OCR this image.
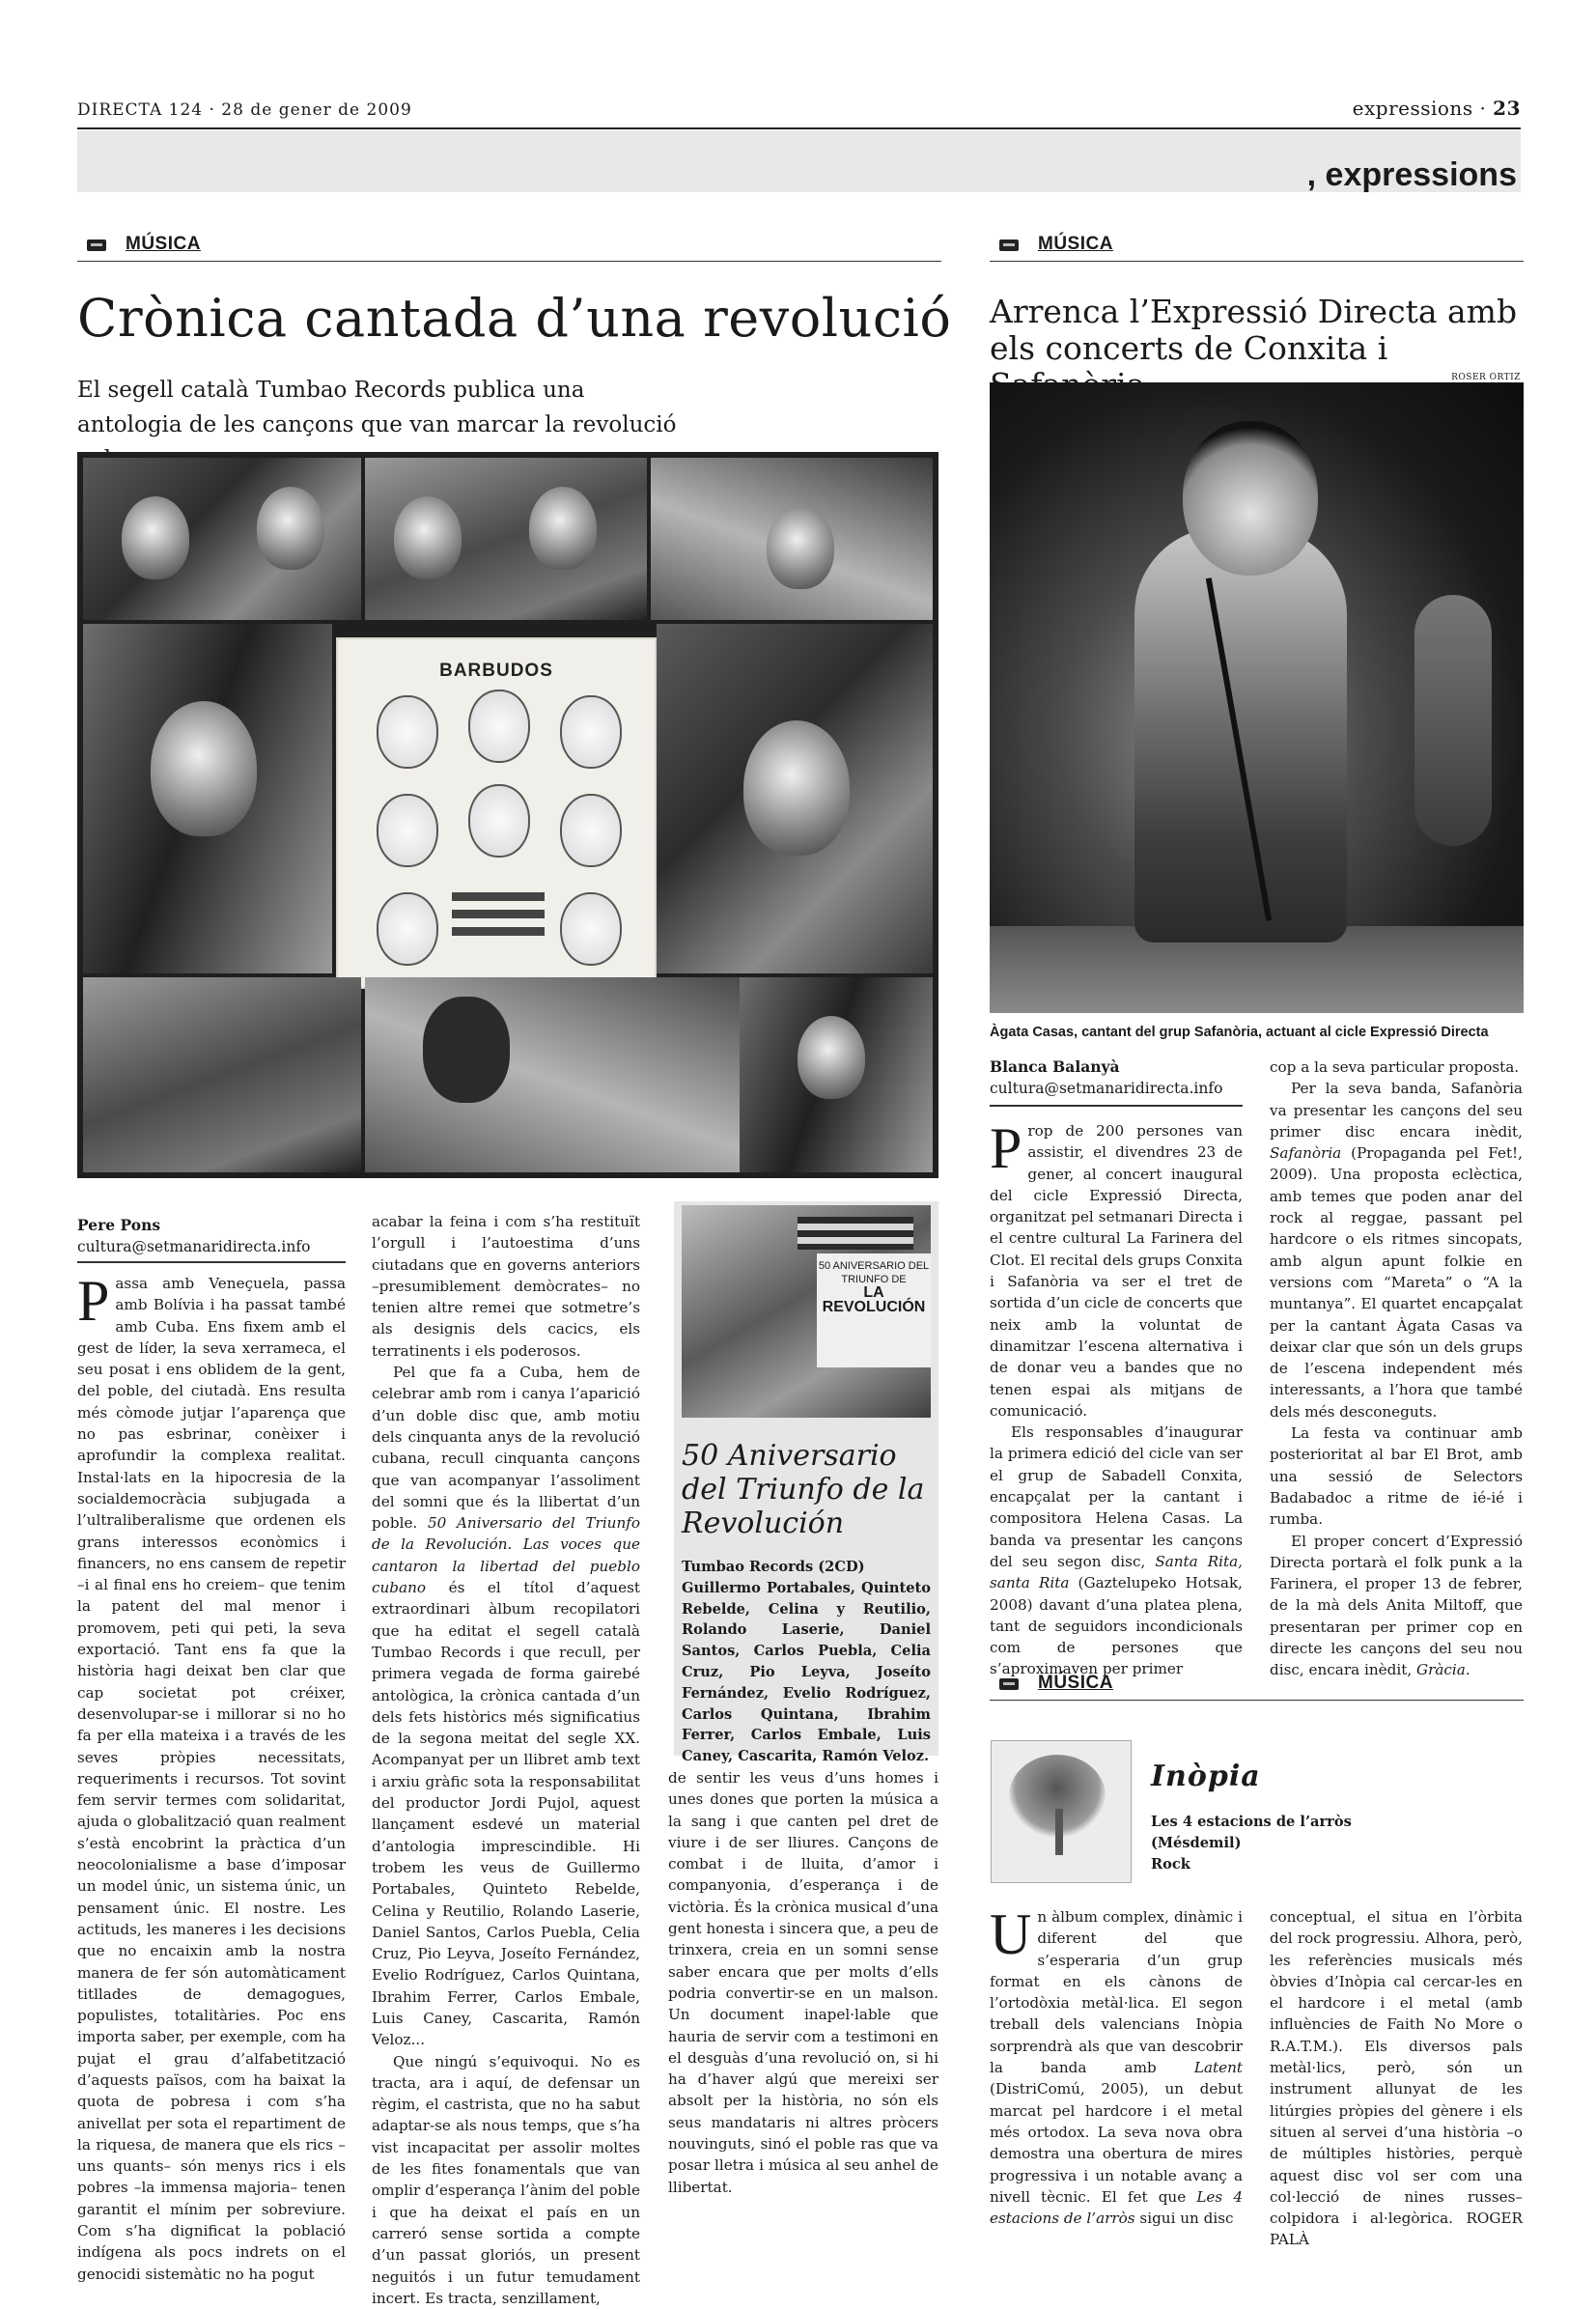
DIRECTA 124 · 28 de gener de 2009	expressions · 23
, expressions
MÚSICA
Crònica cantada d’una revolució
El segell català Tumbao Records publica una antologia de les cançons que van marcar la revolució
BARBUDOS
Pere Pons
cultura@setmanaridirecta.info
Passa amb Veneçuela, passa amb Bolívia i ha passat també amb Cuba. Ens fixem amb el gest de líder, la seva xerrameca, el seu posat i ens oblidem de la gent, del poble, del ciutadà. Ens resulta més còmode jutjar l’aparença que no pas esbrinar, conèixer i aprofundir la complexa realitat. Instal·lats en la hipocresia de la socialdemocràcia subjugada a l’ultraliberalisme que ordenen els grans interessos econòmics i financers, no ens cansem de repetir –i al final ens ho creiem– que tenim la patent del mal menor i promovem, peti qui peti, la seva exportació. Tant ens fa que la història hagi deixat ben clar que cap societat pot créixer, desenvolupar-se i millorar si no ho fa per ella mateixa i a través de les seves pròpies necessitats, requeriments i recursos. Tot sovint fem servir termes com solidaritat, ajuda o globalització quan realment s’està encobrint la pràctica d’un neocolonialisme a base d’imposar un model únic, un sistema únic, un pensament únic. El nostre. Les actituds, les maneres i les decisions que no encaixin amb la nostra manera de fer són automàticament titllades de demagogues, populistes, totalitàries. Poc ens importa saber, per exemple, com ha pujat el grau d’alfabetització d’aquests països, com ha baixat la quota de pobresa i com s’ha anivellat per sota el repartiment de la riquesa, de manera que els rics –uns quants– són menys rics i els pobres –la immensa majoria– tenen garantit el mínim per sobreviure. Com s’ha dignificat la població indígena als pocs indrets on el genocidi sistemàtic no ha pogut

acabar la feina i com s’ha restituït l’orgull i l’autoestima d’uns ciutadans que en governs anteriors –presumiblement demòcrates– no tenien altre remei que sotmetre’s als designis dels cacics, els terratinents i els poderosos.

Pel que fa a Cuba, hem de celebrar amb rom i canya l’aparició d’un doble disc que, amb motiu dels cinquanta anys de la revolució cubana, recull cinquanta cançons que van acompanyar l’assoliment del somni que és la llibertat d’un poble. 50 Aniversario del Triunfo de la Revolución. Las voces que cantaron la libertad del pueblo cubano és el títol d’aquest extraordinari àlbum recopilatori que ha editat el segell català Tumbao Records i que recull, per primera vegada de forma gairebé antològica, la crònica cantada d’un dels fets històrics més significatius de la segona meitat del segle XX. Acompanyat per un llibret amb text i arxiu gràfic sota la responsabilitat del productor Jordi Pujol, aquest llançament esdevé un material d’antologia imprescindible. Hi trobem les veus de Guillermo Portabales, Quinteto Rebelde, Celina y Reutilio, Rolando Laserie, Daniel Santos, Carlos Puebla, Celia Cruz, Pio Leyva, Joseíto Fernández, Evelio Rodríguez, Carlos Quintana, Ibrahim Ferrer, Carlos Embale, Luis Caney, Cascarita, Ramón Veloz...

Que ningú s’equivoqui. No es tracta, ara i aquí, de defensar un règim, el castrista, que no ha sabut adaptar-se als nous temps, que s’ha vist incapacitat per assolir moltes de les fites fonamentals que van omplir d’esperança l’ànim del poble i que ha deixat el país en un carreró sense sortida a compte d’un passat gloriós, un present neguitós i un futur temudament incert. Es tracta, senzillament,

50 ANIVERSARIO DEL TRIUNFO DE
LA REVOLUCIÓN
50 Aniversario del Triunfo de la Revolución
Tumbao Records (2CD)
Guillermo Portabales, Quinteto Rebelde, Celina y Reutilio, Rolando Laserie, Daniel Santos, Carlos Puebla, Celia Cruz, Pio Leyva, Joseíto Fernández, Evelio Rodríguez, Carlos Quintana, Ibrahim Ferrer, Carlos Embale, Luis Caney, Cascarita, Ramón Veloz.

de sentir les veus d’uns homes i unes dones que porten la música a la sang i que canten pel dret de viure i de ser lliures. Cançons de combat i de lluita, d’amor i companyonia, d’esperança i de victòria. És la crònica musical d’una gent honesta i sincera que, a peu de trinxera, creia en un somni sense saber encara que per molts d’ells podria convertir-se en un malson. Un document inapel·lable que hauria de servir com a testimoni en el desguàs d’una revolució on, si hi ha d’haver algú que mereixi ser absolt per la història, no són els seus mandataris ni altres pròcers nouvinguts, sinó el poble ras que va posar lletra i música al seu anhel de llibertat.

MÚSICA
Arrenca l’Expressió Directa amb els concerts de Conxita i
ROSER ORTIZ
Àgata Casas, cantant del grup Safanòria, actuant al cicle Expressió Directa
Blanca Balanyà
cultura@setmanaridirecta.info

Prop de 200 persones van assistir, el divendres 23 de gener, al concert inaugural del cicle Expressió Directa, organitzat pel setmanari Directa i el centre cultural La Farinera del Clot. El recital dels grups Conxita i Safanòria va ser el tret de sortida d’un cicle de concerts que neix amb la voluntat de dinamitzar l’escena alternativa i de donar veu a bandes que no tenen espai als mitjans de comunicació.

Els responsables d’inaugurar la primera edició del cicle van ser el grup de Sabadell Conxita, encapçalat per la cantant i compositora Helena Casas. La banda va presentar les cançons del seu segon disc, Santa Rita, santa Rita (Gaztelupeko Hotsak, 2008) davant d’una platea plena, tant de seguidors incondicionals com de persones que s’aproximaven per primer

cop a la seva particular proposta.

Per la seva banda, Safanòria va presentar les cançons del seu primer disc encara inèdit, Safanòria (Propaganda pel Fet!, 2009). Una proposta eclèctica, amb temes que poden anar del rock al reggae, passant pel hardcore o els ritmes sincopats, amb algun apunt folkie en versions com “Mareta” o “A la muntanya”. El quartet encapçalat per la cantant Àgata Casas va deixar clar que són un dels grups de l’escena independent més interessants, a l’hora que també dels més desconeguts.

La festa va continuar amb posterioritat al bar El Brot, amb una sessió de Selectors Badabadoc a ritme de ié-ié i rumba.

El proper concert d’Expressió Directa portarà el folk punk a la Farinera, el proper 13 de febrer, de la mà dels Anita Miltoff, que presentaran per primer cop en directe les cançons del seu nou disc, encara inèdit, Gràcia.

MÚSICA
Inòpia
Les 4 estacions de l’arròs
(Mésdemil)
Rock

Un àlbum complex, dinàmic i diferent del que s’esperaria d’un grup format en els cànons de l’ortodòxia metàl·lica. El segon treball dels valencians Inòpia sorprendrà als que van descobrir la banda amb Latent (DistriComú, 2005), un debut marcat pel hardcore i el metal més ortodox. La seva nova obra demostra una obertura de mires progressiva i un notable avanç a nivell tècnic. El fet que Les 4 estacions de l’arròs sigui un disc

conceptual, el situa en l’òrbita del rock progressiu. Alhora, però, les referències musicals més òbvies d’Inòpia cal cercar-les en el hardcore i el metal (amb influències de Faith No More o R.A.T.M.). Els diversos pals metàl·lics, però, són un instrument allunyat de les litúrgies pròpies del gènere i els situen al servei d’una història –o de múltiples històries, perquè aquest disc vol ser com una col·lecció de nines russes– colpidora i al·legòrica. ROGER PALÀ
